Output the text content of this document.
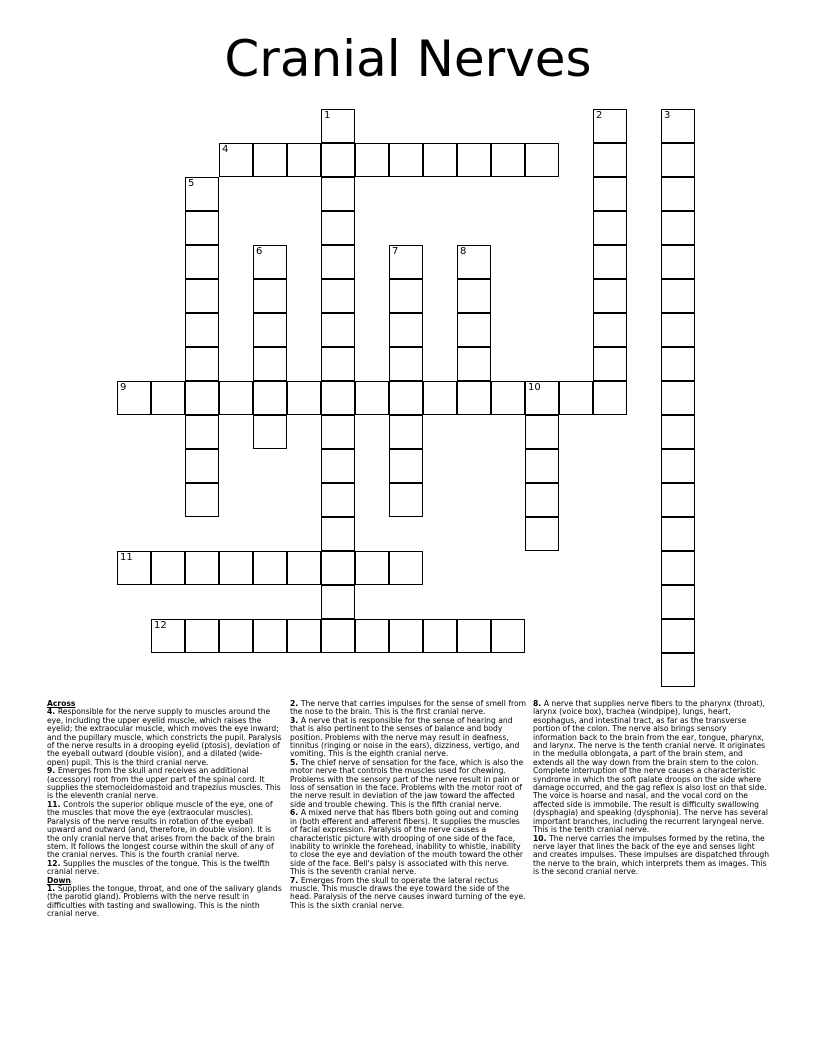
Cranial Nerves
1	2	3
4
5
6	7	8
9	10
11
12

Across

4. Responsible for the nerve supply to muscles around the eye, including the upper eyelid muscle, which raises the eyelid; the extraocular muscle, which moves the eye inward; and the pupillary muscle, which constricts the pupil. Paralysis of the nerve results in a drooping eyelid (ptosis), deviation of the eyeball outward (double vision), and a dilated (wide-open) pupil. This is the third cranial nerve.

9. Emerges from the skull and receives an additional (accessory) root from the upper part of the spinal cord. It supplies the sternocleidomastoid and trapezius muscles. This is the eleventh cranial nerve.

11. Controls the superior oblique muscle of the eye, one of the muscles that move the eye (extraocular muscles). Paralysis of the nerve results in rotation of the eyeball upward and outward (and, therefore, in double vision). It is the only cranial nerve that arises from the back of the brain stem. It follows the longest course within the skull of any of the cranial nerves. This is the fourth cranial nerve.

12. Supplies the muscles of the tongue. This is the twelfth cranial nerve.

Down

1. Supplies the tongue, throat, and one of the salivary glands (the parotid gland). Problems with the nerve result in difficulties with tasting and swallowing. This is the ninth cranial nerve.

2. The nerve that carries impulses for the sense of smell from the nose to the brain. This is the first cranial nerve.

3. A nerve that is responsible for the sense of hearing and that is also pertinent to the senses of balance and body position. Problems with the nerve may result in deafness, tinnitus (ringing or noise in the ears), dizziness, vertigo, and vomiting. This is the eighth cranial nerve.

5. The chief nerve of sensation for the face, which is also the motor nerve that controls the muscles used for chewing. Problems with the sensory part of the nerve result in pain or loss of sensation in the face. Problems with the motor root of the nerve result in deviation of the jaw toward the affected side and trouble chewing. This is the fifth cranial nerve.

6. A mixed nerve that has fibers both going out and coming in (both efferent and afferent fibers). It supplies the muscles of facial expression. Paralysis of the nerve causes a characteristic picture with drooping of one side of the face, inability to wrinkle the forehead, inability to whistle, inability to close the eye and deviation of the mouth toward the other side of the face. Bell's palsy is associated with this nerve. This is the seventh cranial nerve.

7. Emerges from the skull to operate the lateral rectus muscle. This muscle draws the eye toward the side of the head. Paralysis of the nerve causes inward turning of the eye. This is the sixth cranial nerve.

8. A nerve that supplies nerve fibers to the pharynx (throat), larynx (voice box), trachea (windpipe), lungs, heart, esophagus, and intestinal tract, as far as the transverse portion of the colon. The nerve also brings sensory information back to the brain from the ear, tongue, pharynx, and larynx. The nerve is the tenth cranial nerve. It originates in the medulla oblongata, a part of the brain stem, and extends all the way down from the brain stem to the colon. Complete interruption of the nerve causes a characteristic syndrome in which the soft palate droops on the side where damage occurred, and the gag reflex is also lost on that side. The voice is hoarse and nasal, and the vocal cord on the affected side is immobile. The result is difficulty swallowing (dysphagia) and speaking (dysphonia). The nerve has several important branches, including the recurrent laryngeal nerve. This is the tenth cranial nerve.

10. The nerve carries the impulses formed by the retina, the nerve layer that lines the back of the eye and senses light and creates impulses. These impulses are dispatched through the nerve to the brain, which interprets them as images. This is the second cranial nerve.
